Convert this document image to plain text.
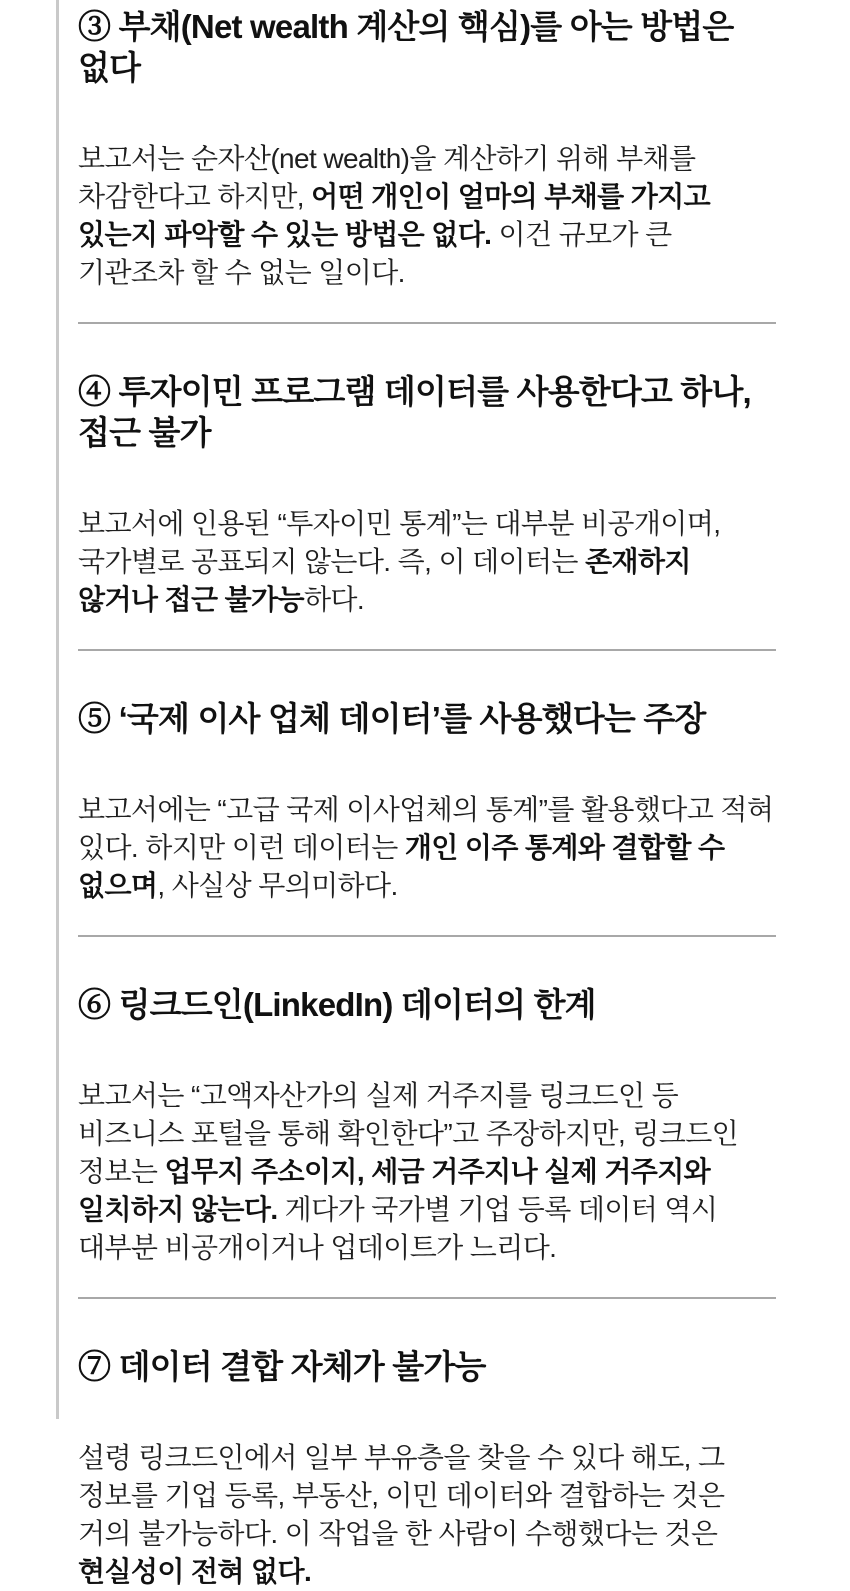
③ 부채(Net wealth 계산의 핵심)를 아는 방법은 없다

보고서는 순자산(net wealth)을 계산하기 위해 부채를 차감한다고 하지만, 어떤 개인이 얼마의 부채를 가지고 있는지 파악할 수 있는 방법은 없다. 이건 규모가 큰 기관조차 할 수 없는 일이다.

④ 투자이민 프로그램 데이터를 사용한다고 하나, 접근 불가

보고서에 인용된 “투자이민 통계”는 대부분 비공개이며, 국가별로 공표되지 않는다. 즉, 이 데이터는 존재하지 않거나 접근 불가능하다.

⑤ ‘국제 이사 업체 데이터’를 사용했다는 주장

보고서에는 “고급 국제 이사업체의 통계”를 활용했다고 적혀 있다. 하지만 이런 데이터는 개인 이주 통계와 결합할 수 없으며, 사실상 무의미하다.

⑥ 링크드인(LinkedIn) 데이터의 한계

보고서는 “고액자산가의 실제 거주지를 링크드인 등 비즈니스 포털을 통해 확인한다”고 주장하지만, 링크드인 정보는 업무지 주소이지, 세금 거주지나 실제 거주지와 일치하지 않는다. 게다가 국가별 기업 등록 데이터 역시 대부분 비공개이거나 업데이트가 느리다.

⑦ 데이터 결합 자체가 불가능

설령 링크드인에서 일부 부유층을 찾을 수 있다 해도, 그 정보를 기업 등록, 부동산, 이민 데이터와 결합하는 것은 거의 불가능하다. 이 작업을 한 사람이 수행했다는 것은 현실성이 전혀 없다.
